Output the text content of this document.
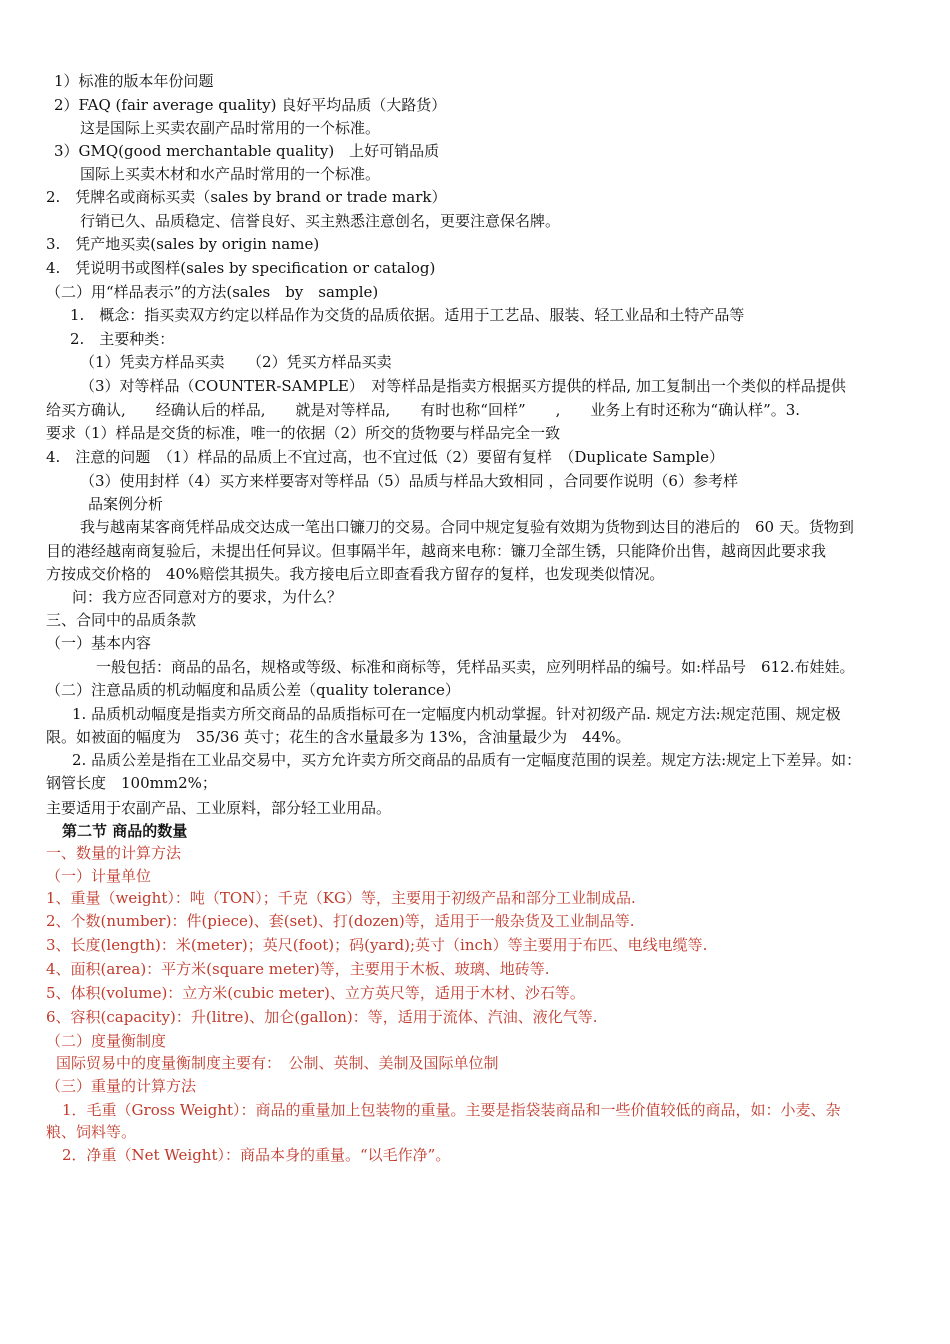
1）标准的版本年份问题
2）FAQ (fair average quality) 良好平均品质（大路货）
这是国际上买卖农副产品时常用的一个标准。
3）GMQ(good merchantable quality)　上好可销品质
国际上买卖木材和水产品时常用的一个标准。
2.　凭牌名或商标买卖（sales by brand or trade mark）
行销已久、品质稳定、信誉良好、买主熟悉注意创名，更要注意保名牌。
3.　凭产地买卖(sales by origin name)
4.　凭说明书或图样(sales by specification or catalog)
（二）用“样品表示”的方法(sales　by　sample)
1.　概念：指买卖双方约定以样品作为交货的品质依据。适用于工艺品、服装、轻工业品和土特产品等
2.　主要种类：
（1）凭卖方样品买卖　　（2）凭买方样品买卖
（3）对等样品（COUNTER-SAMPLE）　对等样品是指卖方根据买方提供的样品, 加工复制出一个类似的样品提供
给买方确认,　　经确认后的样品,　　就是对等样品,　　有时也称“回样”　　,　　业务上有时还称为“确认样”。3.
要求（1）样品是交货的标准，唯一的依据（2）所交的货物要与样品完全一致
4.　注意的问题　（1）样品的品质上不宜过高，也不宜过低（2）要留有复样　（Duplicate Sample）
（3）使用封样（4）买方来样要寄对等样品（5）品质与样品大致相同 ，合同要作说明（6）参考样
品案例分析
我与越南某客商凭样品成交达成一笔出口镰刀的交易。合同中规定复验有效期为货物到达目的港后的　60 天。货物到
目的港经越南商复验后，未提出任何异议。但事隔半年，越商来电称：镰刀全部生锈，只能降价出售，越商因此要求我
方按成交价格的　40%赔偿其损失。我方接电后立即查看我方留存的复样，也发现类似情况。
问：我方应否同意对方的要求，为什么？
三、合同中的品质条款
（一）基本内容
一般包括：商品的品名，规格或等级、标准和商标等，凭样品买卖，应列明样品的编号。如:样品号　612.布娃娃。
（二）注意品质的机动幅度和品质公差（quality tolerance）
1. 品质机动幅度是指卖方所交商品的品质指标可在一定幅度内机动掌握。针对初级产品. 规定方法:规定范围、规定极
限。如被面的幅度为　35/36 英寸；花生的含水量最多为 13%，含油量最少为　44%。
2. 品质公差是指在工业品交易中，买方允许卖方所交商品的品质有一定幅度范围的误差。规定方法:规定上下差异。如：
钢管长度　100mm2%；
主要适用于农副产品、工业原料，部分轻工业用品。
第二节 商品的数量
一、数量的计算方法
（一）计量单位
1、重量（weight）：吨（TON）；千克（KG）等，主要用于初级产品和部分工业制成品.
2、个数(number)：件(piece)、套(set)、打(dozen)等，适用于一般杂货及工业制品等.
3、长度(length)：米(meter)；英尺(foot)；码(yard);英寸（inch）等主要用于布匹、电线电缆等.
4、面积(area)：平方米(square meter)等，主要用于木板、玻璃、地砖等.
5、体积(volume)：立方米(cubic meter)、立方英尺等，适用于木材、沙石等。
6、容积(capacity)：升(litre)、加仑(gallon)：等，适用于流体、汽油、液化气等.
（二）度量衡制度
国际贸易中的度量衡制度主要有：　公制、英制、美制及国际单位制
（三）重量的计算方法
1．毛重（Gross Weight）：商品的重量加上包装物的重量。主要是指袋装商品和一些价值较低的商品，如：小麦、杂
粮、饲料等。
2．净重（Net Weight）：商品本身的重量。“以毛作净”。
